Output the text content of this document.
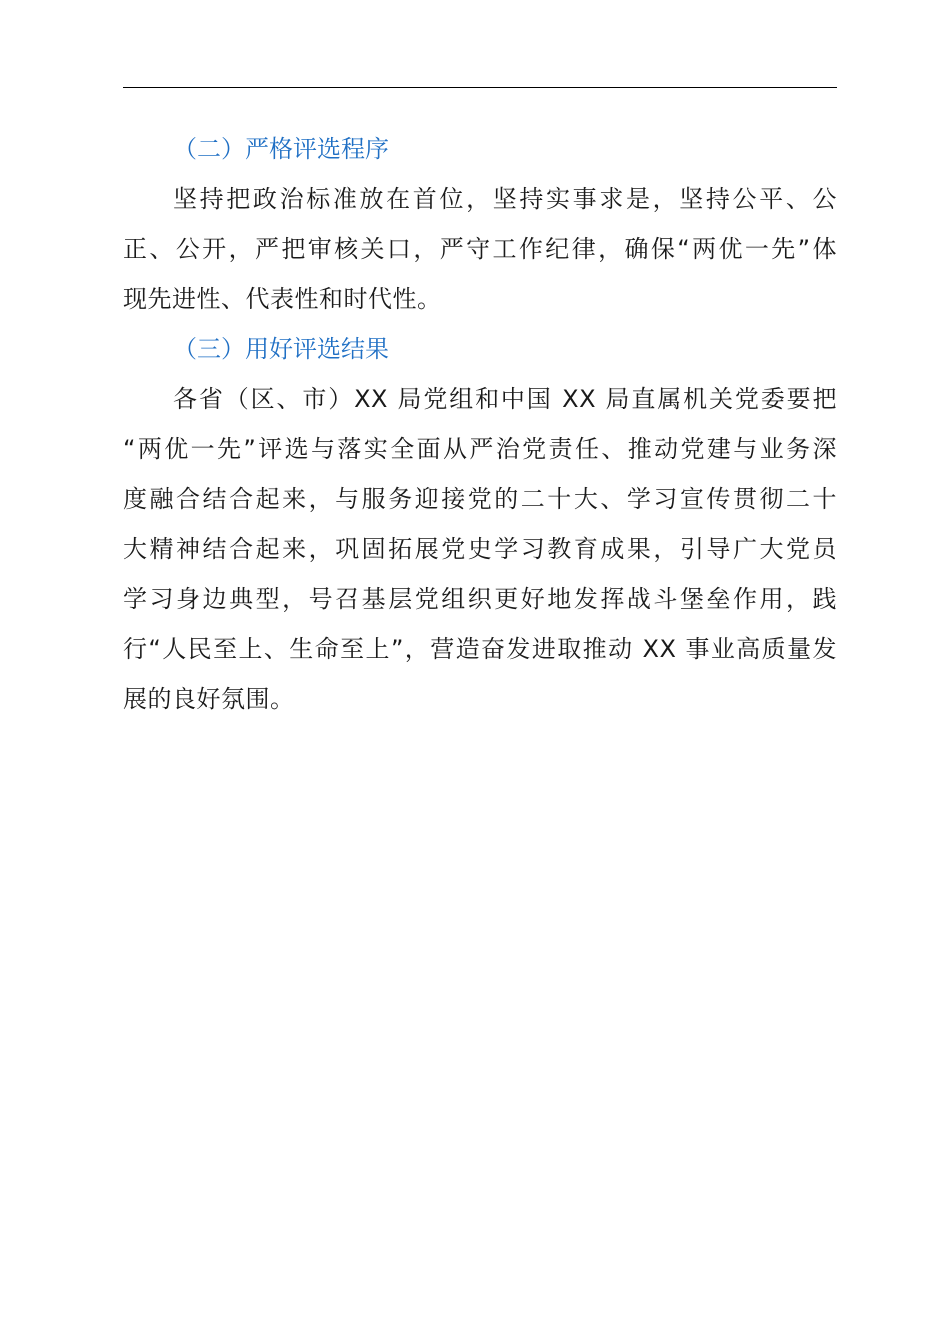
（二）严格评选程序

坚持把政治标准放在首位，坚持实事求是，坚持公平、公
正、公开，严把审核关口，严守工作纪律，确保“两优一先”体
现先进性、代表性和时代性。

（三）用好评选结果

各省（区、市）XX 局党组和中国 XX 局直属机关党委要把
“两优一先”评选与落实全面从严治党责任、推动党建与业务深
度融合结合起来，与服务迎接党的二十大、学习宣传贯彻二十
大精神结合起来，巩固拓展党史学习教育成果，引导广大党员
学习身边典型，号召基层党组织更好地发挥战斗堡垒作用，践
行“人民至上、生命至上”，营造奋发进取推动 XX 事业高质量发
展的良好氛围。
